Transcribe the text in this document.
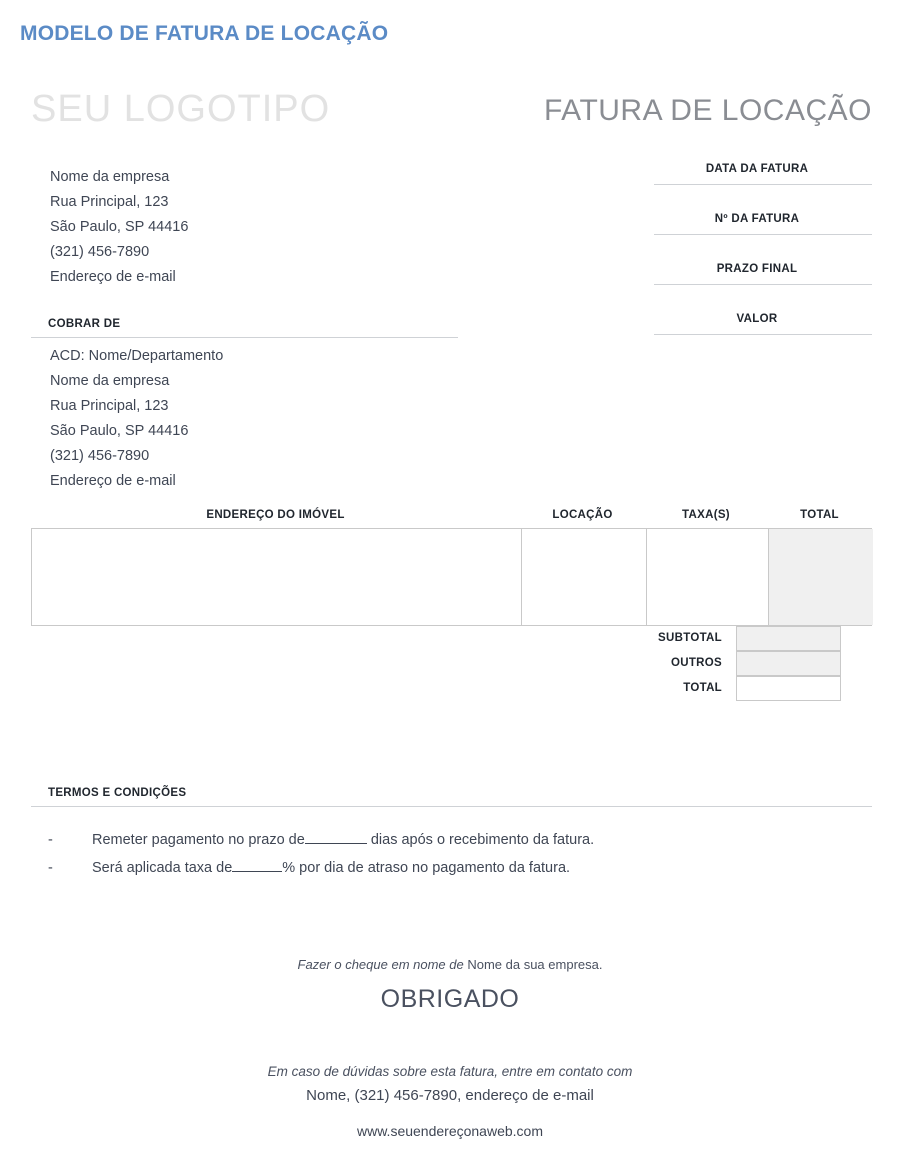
MODELO DE FATURA DE LOCAÇÃO
SEU LOGOTIPO	FATURA DE LOCAÇÃO
Nome da empresa
Rua Principal, 123
São Paulo, SP 44416
(321) 456-7890
Endereço de e-mail
DATA DA FATURA
Nº DA FATURA
PRAZO FINAL
VALOR
COBRAR DE
ACD: Nome/Departamento
Nome da empresa
Rua Principal, 123
São Paulo, SP 44416
(321) 456-7890
Endereço de e-mail
ENDEREÇO DO IMÓVEL	LOCAÇÃO	TAXA(S)	TOTAL
SUBTOTAL
OUTROS
TOTAL
TERMOS E CONDIÇÕES
-	Remeter pagamento no prazo de	dias após o recebimento da fatura.
-	Será aplicada taxa de	% por dia de atraso no pagamento da fatura.
Fazer o cheque em nome de Nome da sua empresa.
OBRIGADO
Em caso de dúvidas sobre esta fatura, entre em contato com
Nome, (321) 456-7890, endereço de e-mail
www.seuendereçonaweb.com
